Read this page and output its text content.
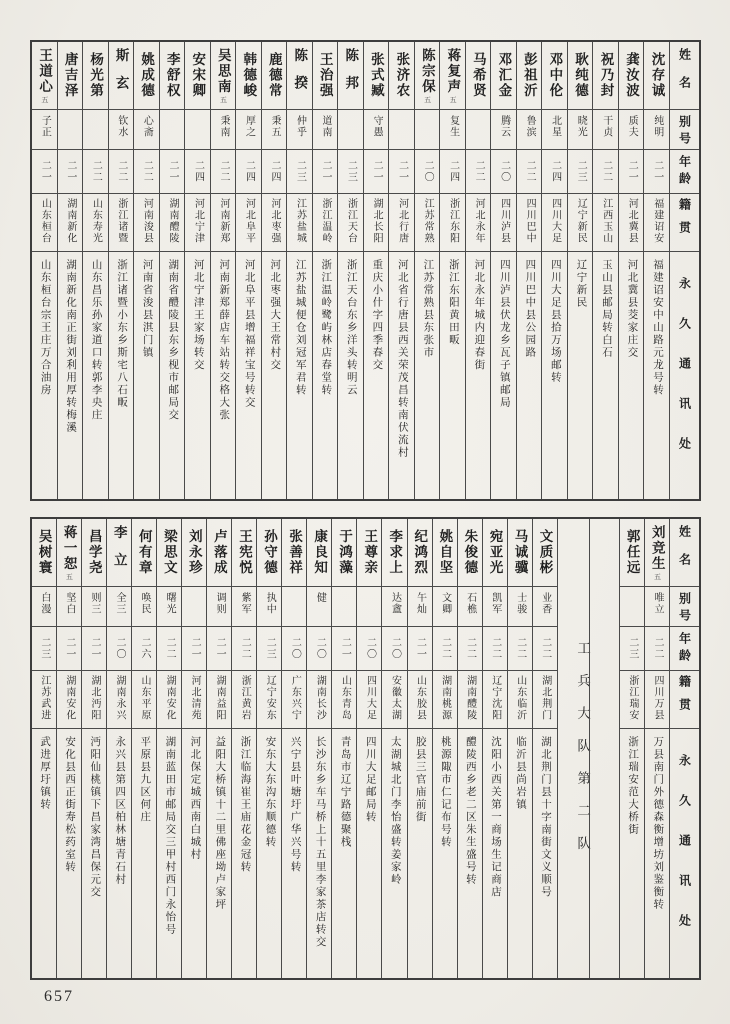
姓名
别号
年龄
籍贯
永久通讯处
沈存诚
纯明
二一
福建诏安
福建诏安中山路元龙号转
龚汝波
质夫
二一
河北冀县
河北冀县茭家庄交
祝乃封
干贞
二二
江西玉山
玉山县邮局转白石
耿纯德
晓光
二三
辽宁新民
辽宁新民
邓中伦
北星
二四
四川大足
四川大足县拾万场邮转
彭祖沂
鲁滨
二二
四川巴中
四川巴中县公园路
邓汇金
腾云
二〇
四川泸县
四川泸县伏龙乡瓦子镇邮局
马希贤
二二
河北永年
河北永年城内迎春街
蒋复声
五
复生
二四
浙江东阳
浙江东阳黄田畈
陈宗保
五
二〇
江苏常熟
江苏常熟县东张市
张济农
二一
河北行唐
河北省行唐县西关荣茂昌转南伏流村
张式臧
守愚
二一
湖北长阳
重庆小什字四季春交
陈邦
二三
浙江天台
浙江天台东乡洋头转明云
王治强
道南
二一
浙江温岭
浙江温岭鹭屿林店春堂转
陈揆
仲乎
二三
江苏盐城
江苏盐城便仓刘冠军君转
鹿德常
秉五
二四
河北枣强
河北枣强大王常村交
韩德峻
厚之
二四
河北阜平
河北阜平县增福祥宝号转交
吴思南
五
秉南
二二
河南新郑
河南新郑薛店车站转交格大张
安宋卿
二四
河北宁津
河北宁津王家场转交
李舒权
二一
湖南醴陵
湖南省醴陵县东乡枧市邮局交
姚成德
心斋
二二
河南浚县
河南省浚县淇门镇
斯玄
钦水
二二
浙江诸暨
浙江诸暨小东乡斯宅八石畈
杨光第
二二
山东寿光
山东昌乐孙家道口转郭李央庄
唐吉泽
二一
湖南新化
湖南新化南正街刘利用厚转梅溪
王道心
五
子正
二一
山东桓台
山东桓台宗王庄万合油房
姓名
别号
年龄
籍贯
永久通讯处
刘竞生
五
唯立
二二
四川万县
万县南门外德森衡增坊刘鉴衡转
郭任远
二三
浙江瑞安
浙江瑞安范大桥街
工兵大队第二队
文质彬
业香
二二
湖北荆门
湖北荆门县十字南街文义顺号
马诚骥
士骏
二二
山东临沂
临沂县尚岩镇
宛亚光
凯军
二二
辽宁沈阳
沈阳小西关第一商场生记商店
朱俊德
石樵
二二
湖南醴陵
醴陵西乡老二区朱生盛号转
姚自坚
文卿
二二
湖南桃源
桃源陬市仁记布号转
纪鸿烈
午灿
二一
山东胶县
胶县三官庙前街
李求上
达盦
二〇
安徽太湖
太湖城北门李怡盛转姜家岭
王尊亲
二〇
四川大足
四川大足邮局转
于鸿藻
二一
山东青岛
青岛市辽宁路德聚栈
康良知
健
二〇
湖南长沙
长沙东乡车马桥上十五里李家茶店转交
张善祥
二〇
广东兴宁
兴宁县叶塘圩广华兴号转
孙守德
执中
二三
辽宁安东
安东大东沟东顺德转
王宪悦
紫军
二二
浙江黄岩
浙江临海崔王庙花金冠转
卢落成
调则
二一
湖南益阳
益阳大桥镇十二里佛座坳卢家坪
刘永珍
二一
河北清苑
河北保定城西南白城村
梁思文
曙光
二二
湖南安化
湖南蓝田市邮局交三甲村西门永怡号
何有章
唤民
二六
山东平原
平原县九区何庄
李立
全三
二〇
湖南永兴
永兴县第四区柏林塘青石村
昌学尧
则三
二一
湖北沔阳
沔阳仙桃镇下昌家湾昌保元交
蒋一恕
五
坚白
二一
湖南安化
安化县西正街寿松药室转
吴树寰
白漫
二三
江苏武进
武进厚圩镇转
657
